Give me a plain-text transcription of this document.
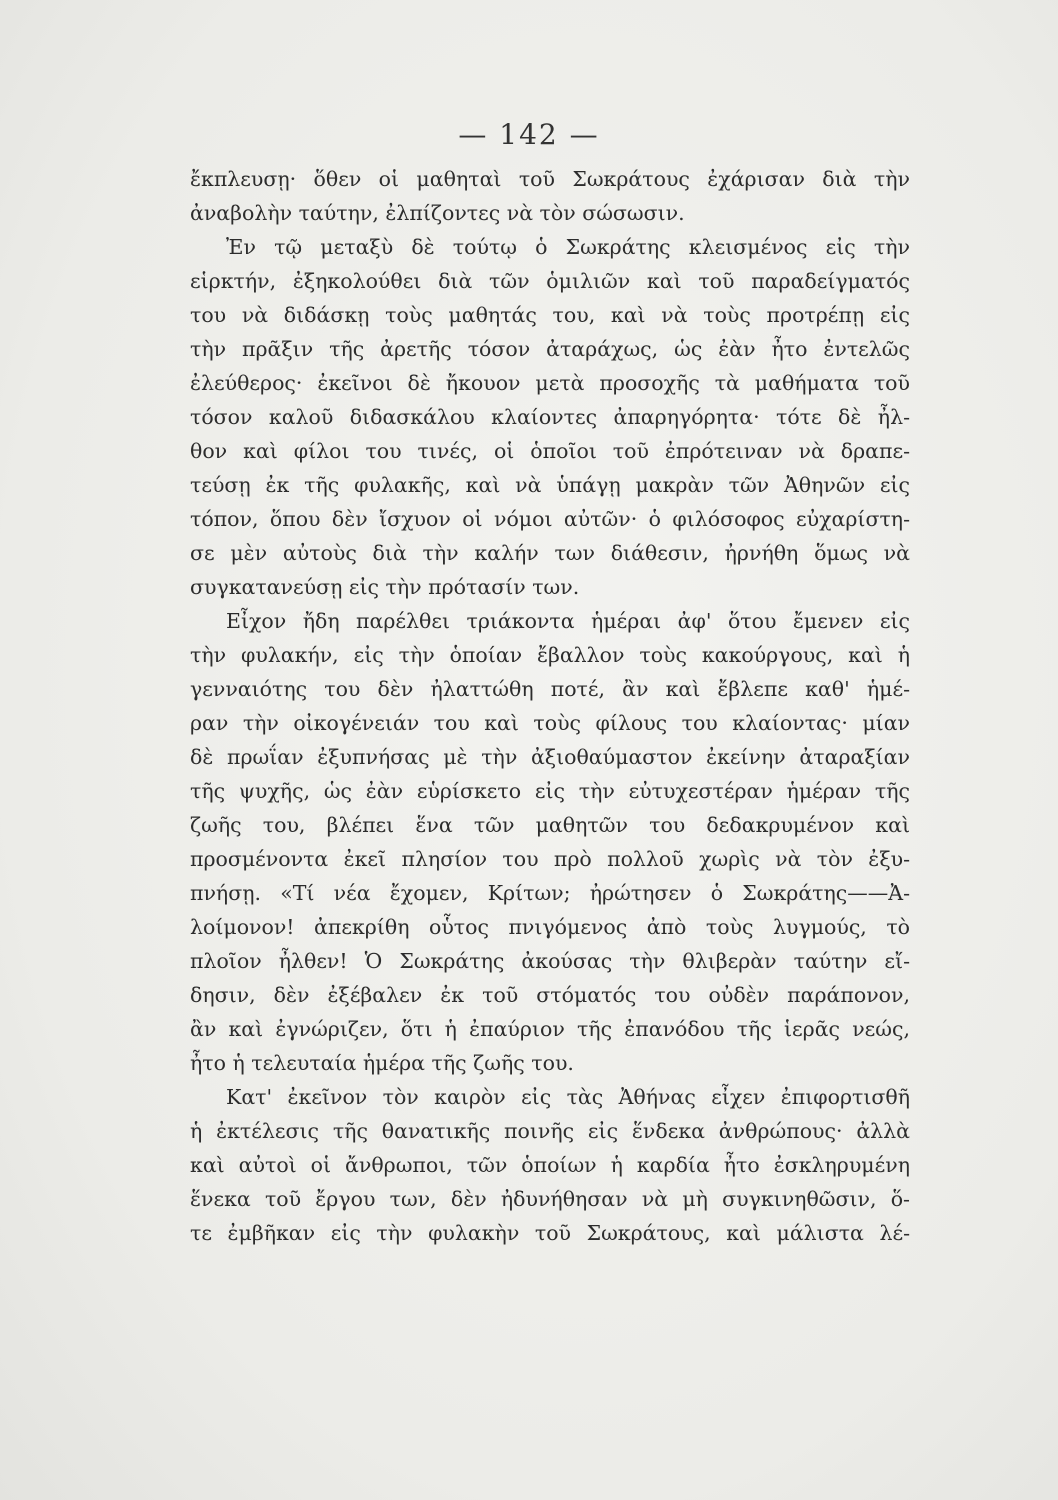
— 142 —
ἔκπλευσῃ· ὅθεν οἱ μαθηταὶ τοῦ Σωκράτους ἐχάρισαν διὰ τὴν
ἀναβολὴν ταύτην, ἐλπίζοντες νὰ τὸν σώσωσιν.
Ἐν τῷ μεταξὺ δὲ τούτῳ ὁ Σωκράτης κλεισμένος εἰς τὴν
εἱρκτήν, ἐξηκολούθει διὰ τῶν ὁμιλιῶν καὶ τοῦ παραδείγματός
του νὰ διδάσκῃ τοὺς μαθητάς του, καὶ νὰ τοὺς προτρέπῃ εἰς
τὴν πρᾶξιν τῆς ἀρετῆς τόσον ἀταράχως, ὡς ἐὰν ἦτο ἐντελῶς
ἐλεύθερος· ἐκεῖνοι δὲ ἤκουον μετὰ προσοχῆς τὰ μαθήματα τοῦ
τόσον καλοῦ διδασκάλου κλαίοντες ἀπαρηγόρητα· τότε δὲ ἦλ-
θον καὶ φίλοι του τινές, οἱ ὁποῖοι τοῦ ἐπρότειναν νὰ δραπε-
τεύσῃ ἐκ τῆς φυλακῆς, καὶ νὰ ὑπάγῃ μακρὰν τῶν Ἀθηνῶν εἰς
τόπον, ὅπου δὲν ἴσχυον οἱ νόμοι αὐτῶν· ὁ φιλόσοφος εὐχαρίστη-
σε μὲν αὐτοὺς διὰ τὴν καλήν των διάθεσιν, ἠρνήθη ὅμως νὰ
συγκατανεύσῃ εἰς τὴν πρότασίν των.
Εἶχον ἤδη παρέλθει τριάκοντα ἡμέραι ἀφ' ὅτου ἔμενεν εἰς
τὴν φυλακήν, εἰς τὴν ὁποίαν ἔβαλλον τοὺς κακούργους, καὶ ἡ
γενναιότης του δὲν ἠλαττώθη ποτέ, ἂν καὶ ἔβλεπε καθ' ἡμέ-
ραν τὴν οἰκογένειάν του καὶ τοὺς φίλους του κλαίοντας· μίαν
δὲ πρωΐαν ἐξυπνήσας μὲ τὴν ἀξιοθαύμαστον ἐκείνην ἀταραξίαν
τῆς ψυχῆς, ὡς ἐὰν εὑρίσκετο εἰς τὴν εὐτυχεστέραν ἡμέραν τῆς
ζωῆς του, βλέπει ἕνα τῶν μαθητῶν του δεδακρυμένον καὶ
προσμένοντα ἐκεῖ πλησίον του πρὸ πολλοῦ χωρὶς νὰ τὸν ἐξυ-
πνήσῃ. «Τί νέα ἔχομεν, Κρίτων; ἠρώτησεν ὁ Σωκράτης——Ἀ-
λοίμονον! ἀπεκρίθη οὗτος πνιγόμενος ἀπὸ τοὺς λυγμούς, τὸ
πλοῖον ἦλθεν! Ὁ Σωκράτης ἀκούσας τὴν θλιβερὰν ταύτην εἴ-
δησιν, δὲν ἐξέβαλεν ἐκ τοῦ στόματός του οὐδὲν παράπονον,
ἂν καὶ ἐγνώριζεν, ὅτι ἡ ἐπαύριον τῆς ἐπανόδου τῆς ἱερᾶς νεώς,
ἦτο ἡ τελευταία ἡμέρα τῆς ζωῆς του.
Κατ' ἐκεῖνον τὸν καιρὸν εἰς τὰς Ἀθήνας εἶχεν ἐπιφορτισθῆ
ἡ ἐκτέλεσις τῆς θανατικῆς ποινῆς εἰς ἕνδεκα ἀνθρώπους· ἀλλὰ
καὶ αὐτοὶ οἱ ἄνθρωποι, τῶν ὁποίων ἡ καρδία ἦτο ἐσκληρυμένη
ἕνεκα τοῦ ἔργου των, δὲν ἠδυνήθησαν νὰ μὴ συγκινηθῶσιν, ὅ-
τε ἐμβῆκαν εἰς τὴν φυλακὴν τοῦ Σωκράτους, καὶ μάλιστα λέ-
